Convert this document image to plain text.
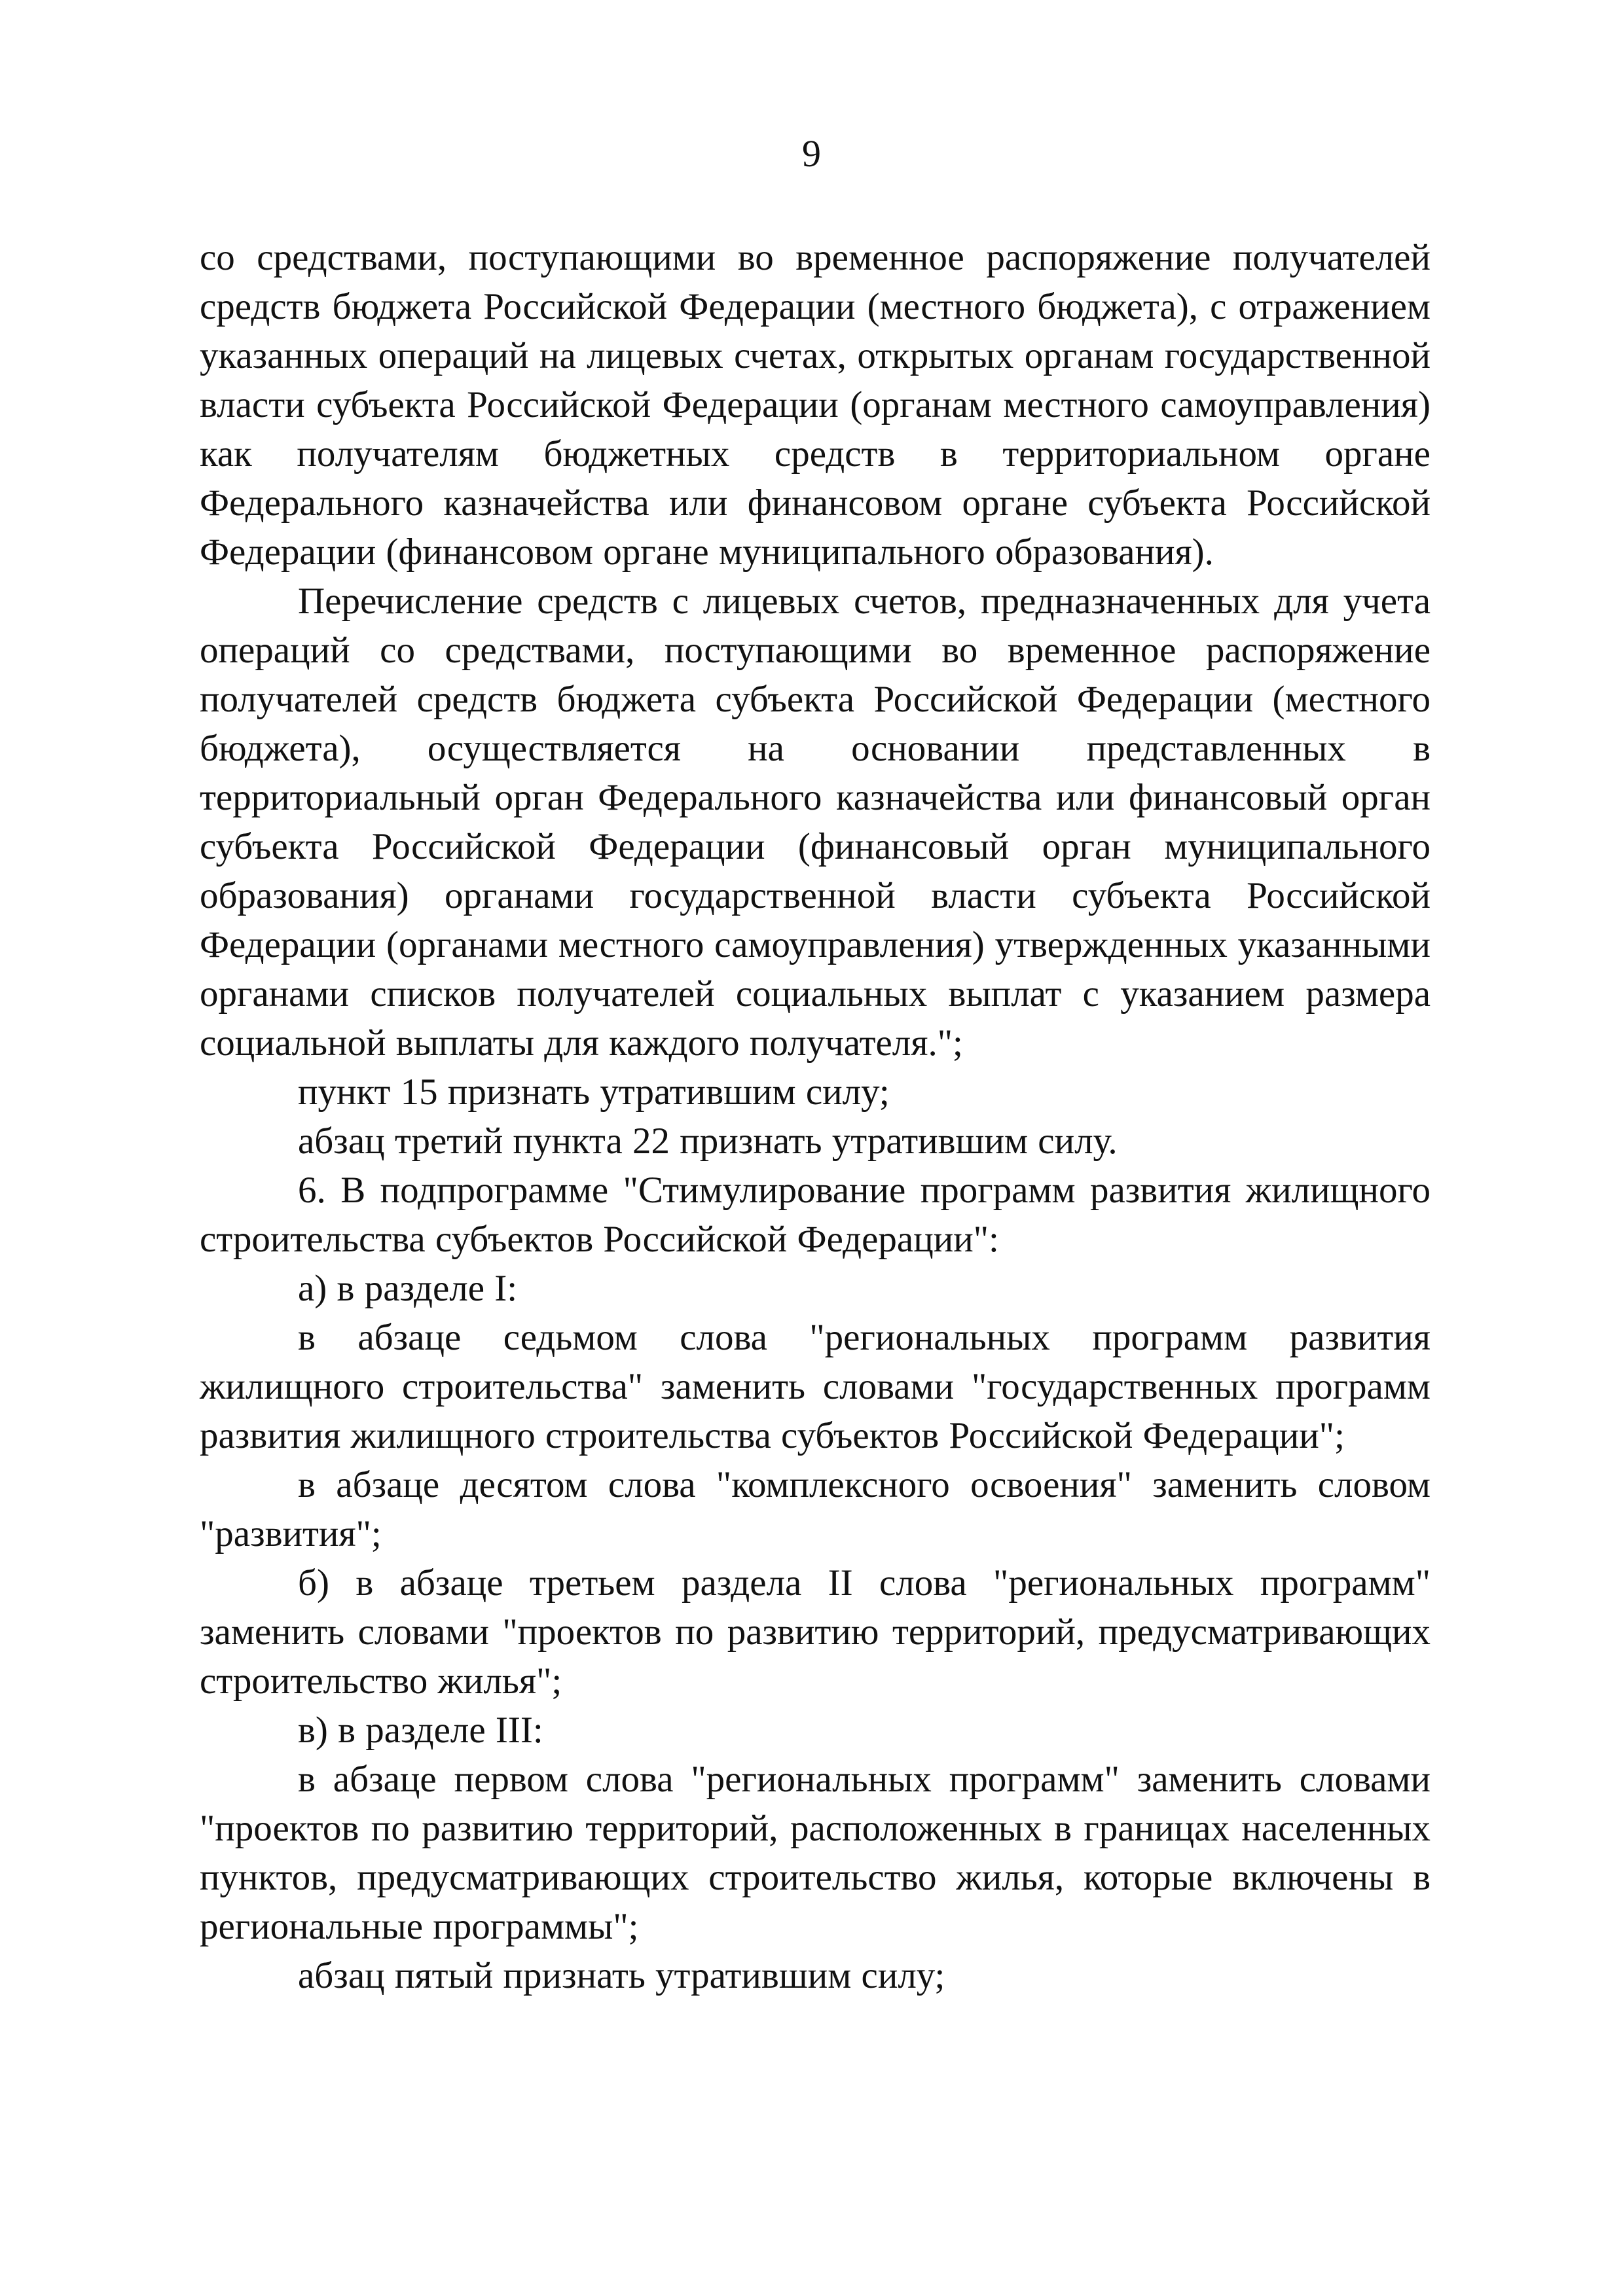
9

со средствами, поступающими во временное распоряжение получателей средств бюджета Российской Федерации (местного бюджета), с отражением указанных операций на лицевых счетах, открытых органам государственной власти субъекта Российской Федерации (органам местного самоуправления) как получателям бюджетных средств в территориальном органе Федерального казначейства или финансовом органе субъекта Российской Федерации (финансовом органе муниципального образования).

Перечисление средств с лицевых счетов, предназначенных для учета операций со средствами, поступающими во временное распоряжение получателей средств бюджета субъекта Российской Федерации (местного бюджета), осуществляется на основании представленных в территориальный орган Федерального казначейства или финансовый орган субъекта Российской Федерации (финансовый орган муниципального образования) органами государственной власти субъекта Российской Федерации (органами местного самоуправления) утвержденных указанными органами списков получателей социальных выплат с указанием размера социальной выплаты для каждого получателя.";

пункт 15 признать утратившим силу;

абзац третий пункта 22 признать утратившим силу.

6. В подпрограмме "Стимулирование программ развития жилищного строительства субъектов Российской Федерации":

а) в разделе I:

в абзаце седьмом слова "региональных программ развития жилищного строительства" заменить словами "государственных программ развития жилищного строительства субъектов Российской Федерации";

в абзаце десятом слова "комплексного освоения" заменить словом "развития";

б) в абзаце третьем раздела II слова "региональных программ" заменить словами "проектов по развитию территорий, предусматривающих строительство жилья";

в) в разделе III:

в абзаце первом слова "региональных программ" заменить словами "проектов по развитию территорий, расположенных в границах населенных пунктов, предусматривающих строительство жилья, которые включены в региональные программы";

абзац пятый признать утратившим силу;
